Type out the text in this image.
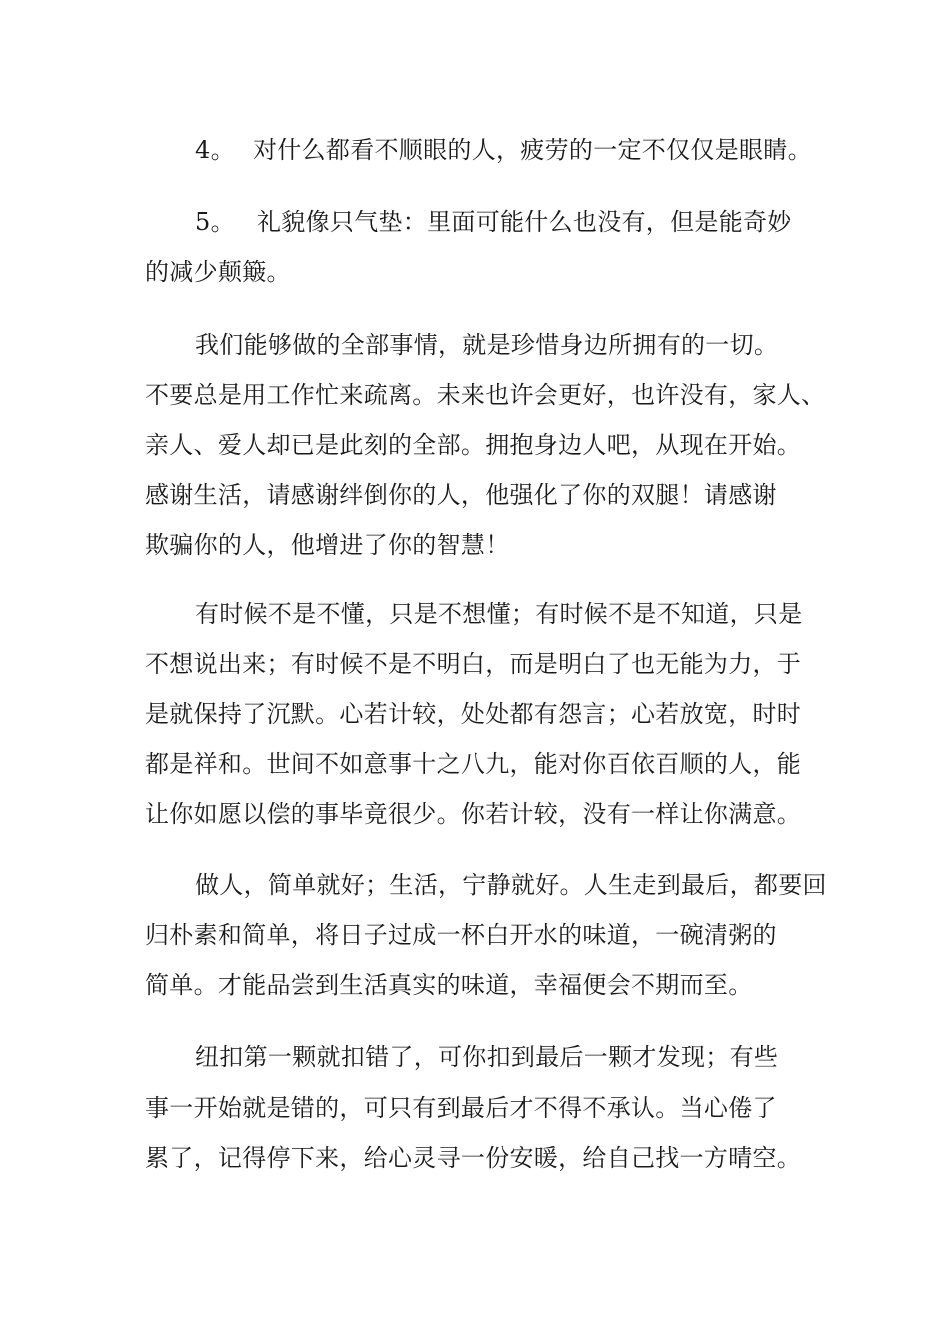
4。 对什么都看不顺眼的人，疲劳的一定不仅仅是眼睛。
5。 礼貌像只气垫：里面可能什么也没有，但是能奇妙
的减少颠簸。
我们能够做的全部事情，就是珍惜身边所拥有的一切。
不要总是用工作忙来疏离。未来也许会更好，也许没有，家人、
亲人、爱人却已是此刻的全部。拥抱身边人吧，从现在开始。
感谢生活，请感谢绊倒你的人，他强化了你的双腿！请感谢
欺骗你的人，他增进了你的智慧！
有时候不是不懂，只是不想懂；有时候不是不知道，只是
不想说出来；有时候不是不明白，而是明白了也无能为力，于
是就保持了沉默。心若计较，处处都有怨言；心若放宽，时时
都是祥和。世间不如意事十之八九，能对你百依百顺的人，能
让你如愿以偿的事毕竟很少。你若计较，没有一样让你满意。
做人，简单就好；生活，宁静就好。人生走到最后，都要回
归朴素和简单，将日子过成一杯白开水的味道，一碗清粥的
简单。才能品尝到生活真实的味道，幸福便会不期而至。
纽扣第一颗就扣错了，可你扣到最后一颗才发现；有些
事一开始就是错的，可只有到最后才不得不承认。当心倦了
累了，记得停下来，给心灵寻一份安暖，给自己找一方晴空。
